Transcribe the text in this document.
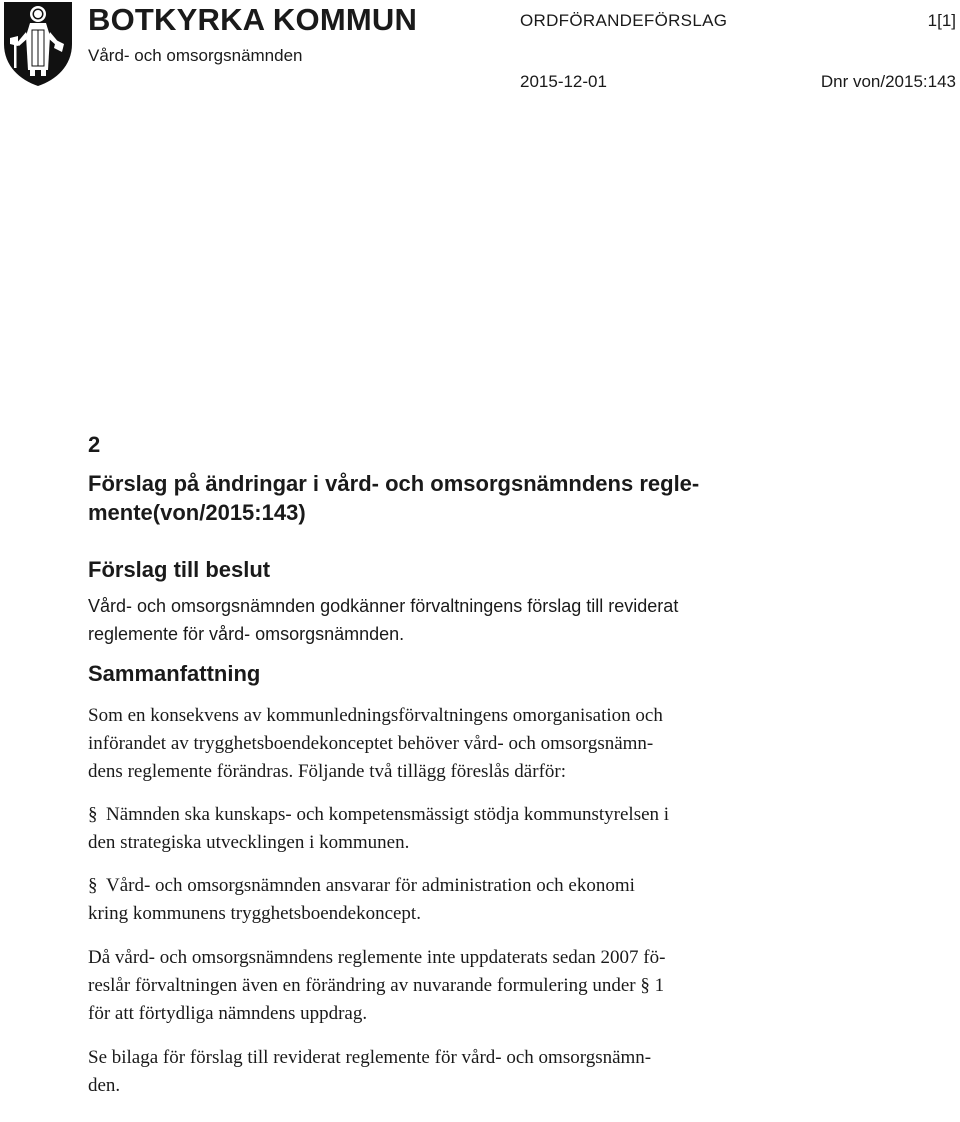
BOTKYRKA KOMMUN
Vård- och omsorgsnämnden
ORDFÖRANDEFÖRSLAG	1[1]
2015-12-01	Dnr von/2015:143
2
Förslag på ändringar i vård- och omsorgsnämndens regle-
mente(von/2015:143)
Förslag till beslut
Vård- och omsorgsnämnden godkänner förvaltningens förslag till reviderat
reglemente för vård- omsorgsnämnden.
Sammanfattning
Som en konsekvens av kommunledningsförvaltningens omorganisation och
införandet av trygghetsboendekonceptet behöver vård- och omsorgsnämn-
dens reglemente förändras. Följande två tillägg föreslås därför:
§ Nämnden ska kunskaps- och kompetensmässigt stödja kommunstyrelsen i
den strategiska utvecklingen i kommunen.
§ Vård- och omsorgsnämnden ansvarar för administration och ekonomi
kring kommunens trygghetsboendekoncept.
Då vård- och omsorgsnämndens reglemente inte uppdaterats sedan 2007 fö-
reslår förvaltningen även en förändring av nuvarande formulering under § 1
för att förtydliga nämndens uppdrag.
Se bilaga för förslag till reviderat reglemente för vård- och omsorgsnämn-
den.
